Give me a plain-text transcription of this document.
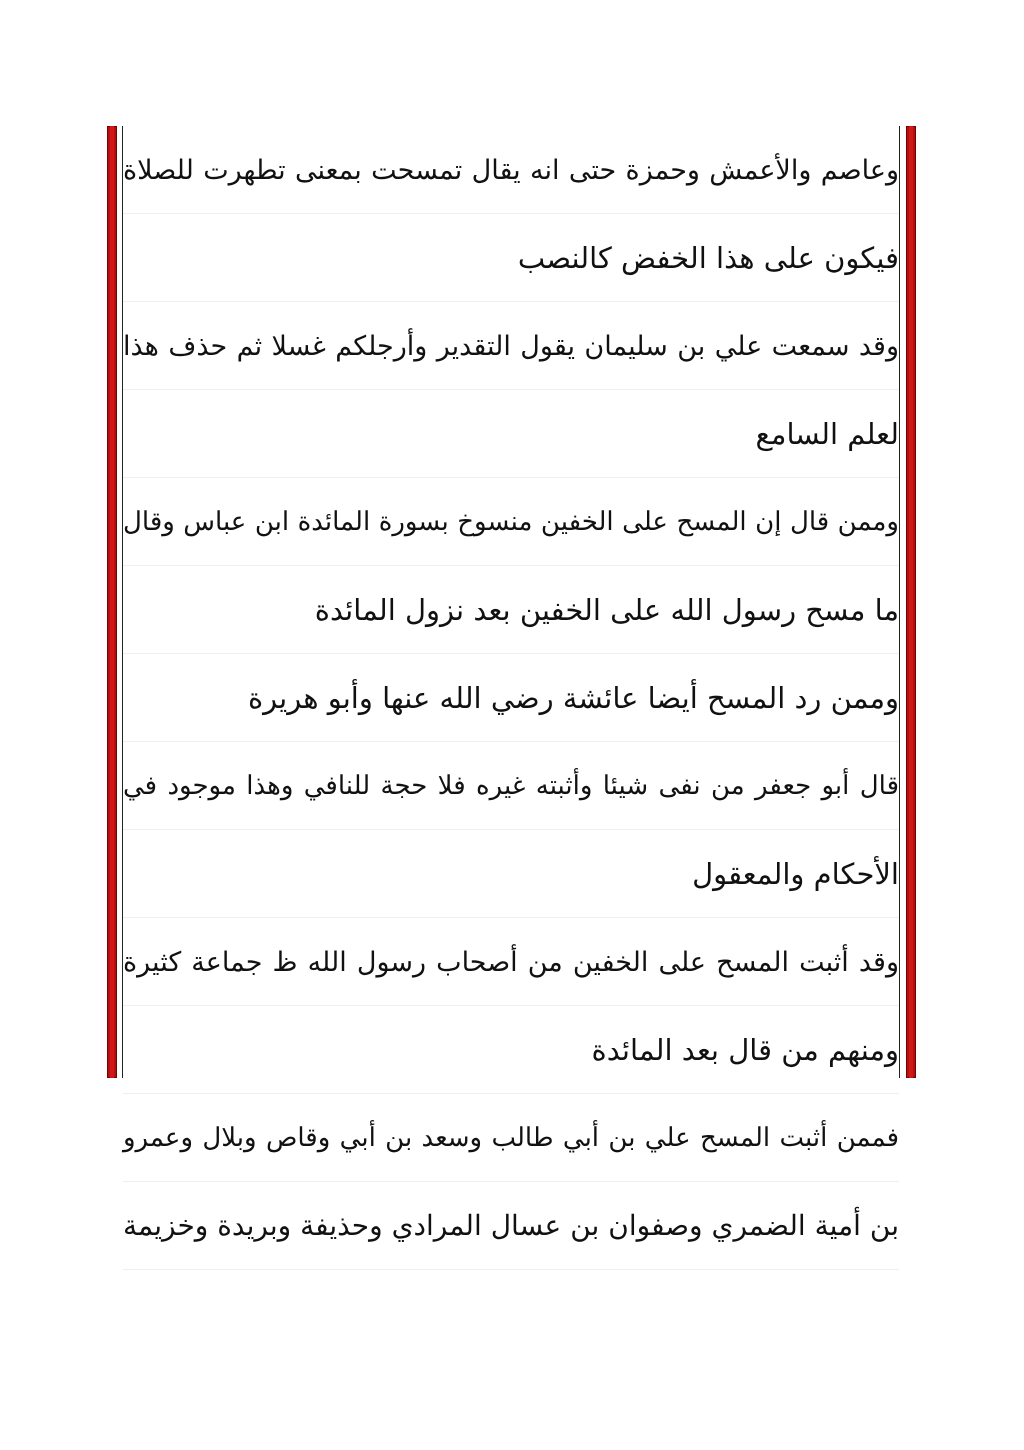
وعاصم والأعمش وحمزة حتى انه يقال تمسحت بمعنى تطهرت للصلاة
فيكون على هذا الخفض كالنصب
وقد سمعت علي بن سليمان يقول التقدير وأرجلكم غسلا ثم حذف هذا
لعلم السامع
وممن قال إن المسح على الخفين منسوخ بسورة المائدة ابن عباس وقال
ما مسح رسول الله على الخفين بعد نزول المائدة
وممن رد المسح أيضا عائشة رضي الله عنها وأبو هريرة
قال أبو جعفر من نفى شيئا وأثبته غيره فلا حجة للنافي وهذا موجود في
الأحكام والمعقول
وقد أثبت المسح على الخفين من أصحاب رسول الله ظ جماعة كثيرة
ومنهم من قال بعد المائدة
فممن أثبت المسح علي بن أبي طالب وسعد بن أبي وقاص وبلال وعمرو
بن أمية الضمري وصفوان بن عسال المرادي وحذيفة وبريدة وخزيمة
